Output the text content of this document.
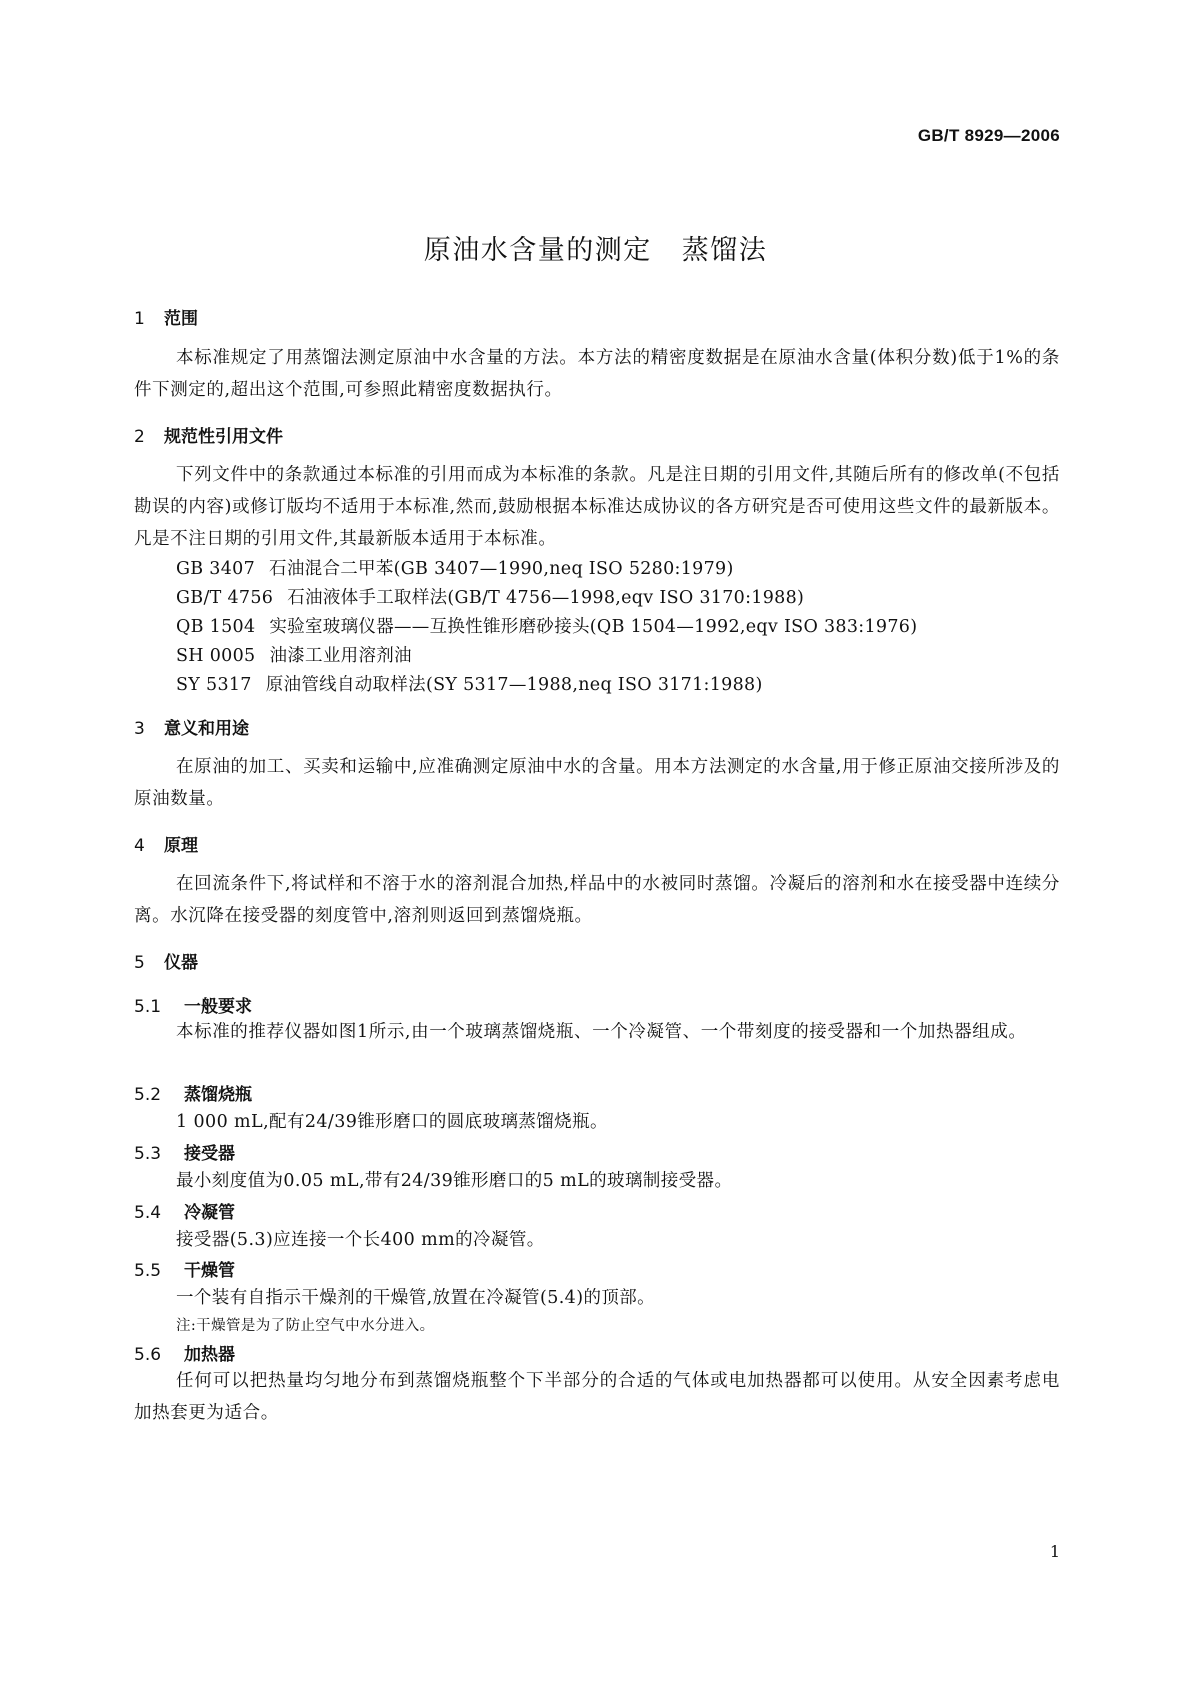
GB/T 8929—2006
原油水含量的测定 蒸馏法
1 范围
本标准规定了用蒸馏法测定原油中水含量的方法。本方法的精密度数据是在原油水含量(体积分数)低于1%的条件下测定的,超出这个范围,可参照此精密度数据执行。
2 规范性引用文件
下列文件中的条款通过本标准的引用而成为本标准的条款。凡是注日期的引用文件,其随后所有的修改单(不包括勘误的内容)或修订版均不适用于本标准,然而,鼓励根据本标准达成协议的各方研究是否可使用这些文件的最新版本。凡是不注日期的引用文件,其最新版本适用于本标准。
GB 3407 石油混合二甲苯(GB 3407—1990,neq ISO 5280:1979)
GB/T 4756 石油液体手工取样法(GB/T 4756—1998,eqv ISO 3170:1988)
QB 1504 实验室玻璃仪器——互换性锥形磨砂接头(QB 1504—1992,eqv ISO 383:1976)
SH 0005 油漆工业用溶剂油
SY 5317 原油管线自动取样法(SY 5317—1988,neq ISO 3171:1988)
3 意义和用途
在原油的加工、买卖和运输中,应准确测定原油中水的含量。用本方法测定的水含量,用于修正原油交接所涉及的原油数量。
4 原理
在回流条件下,将试样和不溶于水的溶剂混合加热,样品中的水被同时蒸馏。冷凝后的溶剂和水在接受器中连续分离。水沉降在接受器的刻度管中,溶剂则返回到蒸馏烧瓶。
5 仪器
5.1 一般要求
本标准的推荐仪器如图1所示,由一个玻璃蒸馏烧瓶、一个冷凝管、一个带刻度的接受器和一个加热器组成。
5.2 蒸馏烧瓶
1 000 mL,配有24/39锥形磨口的圆底玻璃蒸馏烧瓶。
5.3 接受器
最小刻度值为0.05 mL,带有24/39锥形磨口的5 mL的玻璃制接受器。
5.4 冷凝管
接受器(5.3)应连接一个长400 mm的冷凝管。
5.5 干燥管
一个装有自指示干燥剂的干燥管,放置在冷凝管(5.4)的顶部。
注:干燥管是为了防止空气中水分进入。
5.6 加热器
任何可以把热量均匀地分布到蒸馏烧瓶整个下半部分的合适的气体或电加热器都可以使用。从安全因素考虑电加热套更为适合。
1
